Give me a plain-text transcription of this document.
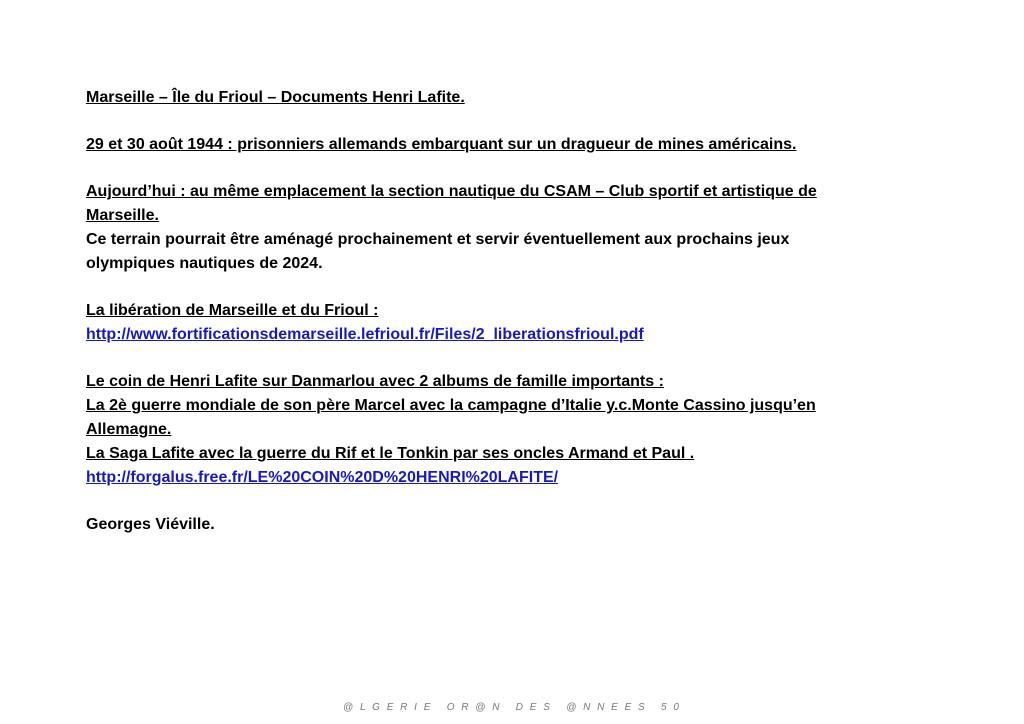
Marseille – Île du Frioul – Documents Henri Lafite.
29 et 30 août 1944 : prisonniers allemands embarquant sur un dragueur de mines américains.
Aujourd’hui : au même emplacement la section nautique du CSAM – Club sportif et artistique de
Marseille.
Ce terrain pourrait être aménagé prochainement et servir éventuellement aux prochains jeux
olympiques nautiques de 2024.
La libération de Marseille et du Frioul :
http://www.fortificationsdemarseille.lefrioul.fr/Files/2_liberationsfrioul.pdf
Le coin de Henri Lafite sur Danmarlou avec 2 albums de famille importants :
La 2è guerre mondiale de son père Marcel avec la campagne d’Italie y.c.Monte Cassino jusqu’en
Allemagne.
La Saga Lafite avec la guerre du Rif et le Tonkin par ses oncles Armand et Paul .
http://forgalus.free.fr/LE%20COIN%20D%20HENRI%20LAFITE/
Georges Viéville.
@ L G E R I E   O R @ N   D E S   @ N N E E S   5 0
